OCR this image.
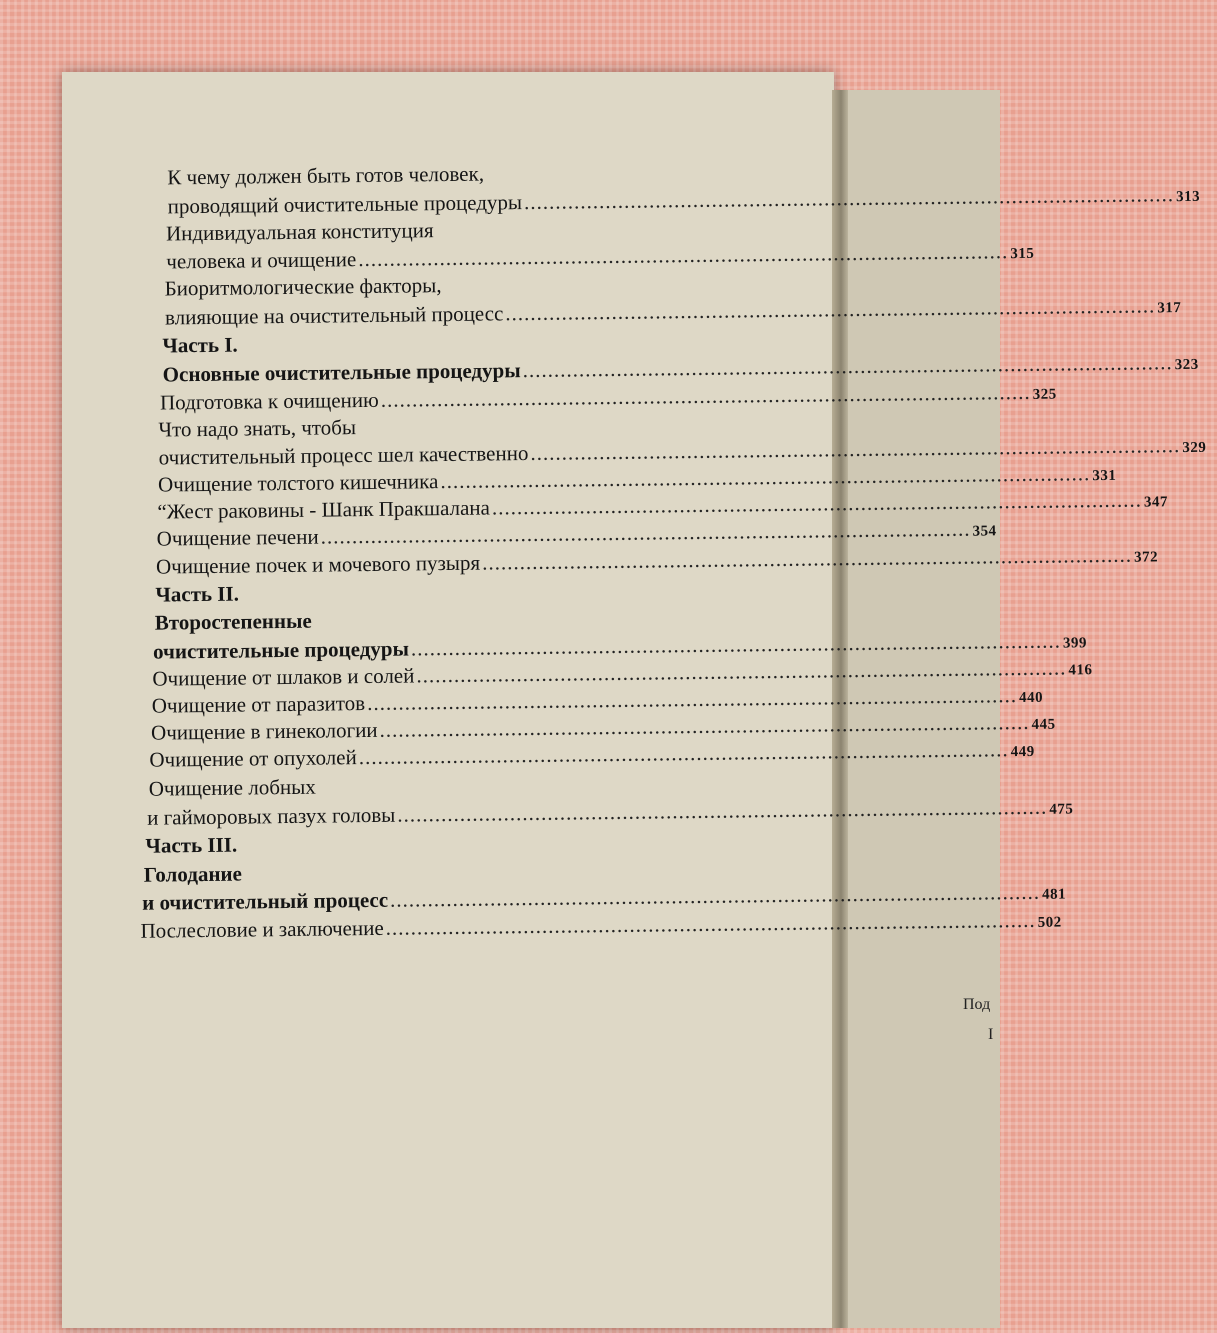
Под
I
К чему должен быть готов человек,
проводящий очистительные процедуры ........................................................................................................ 313
Индивидуальная конституция
человека и очищение ........................................................................................................ 315
Биоритмологические факторы,
влияющие на очистительный процесс ........................................................................................................ 317
Часть I.
Основные очистительные процедуры ........................................................................................................ 323
Подготовка к очищению ........................................................................................................ 325
Что надо знать, чтобы
очистительный процесс шел качественно ........................................................................................................ 329
Очищение толстого кишечника ........................................................................................................ 331
“Жест раковины - Шанк Пракшалана ........................................................................................................ 347
Очищение печени ........................................................................................................ 354
Очищение почек и мочевого пузыря ........................................................................................................ 372
Часть II.
Второстепенные
очистительные процедуры ........................................................................................................ 399
Очищение от шлаков и солей ........................................................................................................ 416
Очищение от паразитов ........................................................................................................ 440
Очищение в гинекологии ........................................................................................................ 445
Очищение от опухолей ........................................................................................................ 449
Очищение лобных
и гайморовых пазух головы ........................................................................................................ 475
Часть III.
Голодание
и очистительный процесс ........................................................................................................ 481
Послесловие и заключение ........................................................................................................ 502
